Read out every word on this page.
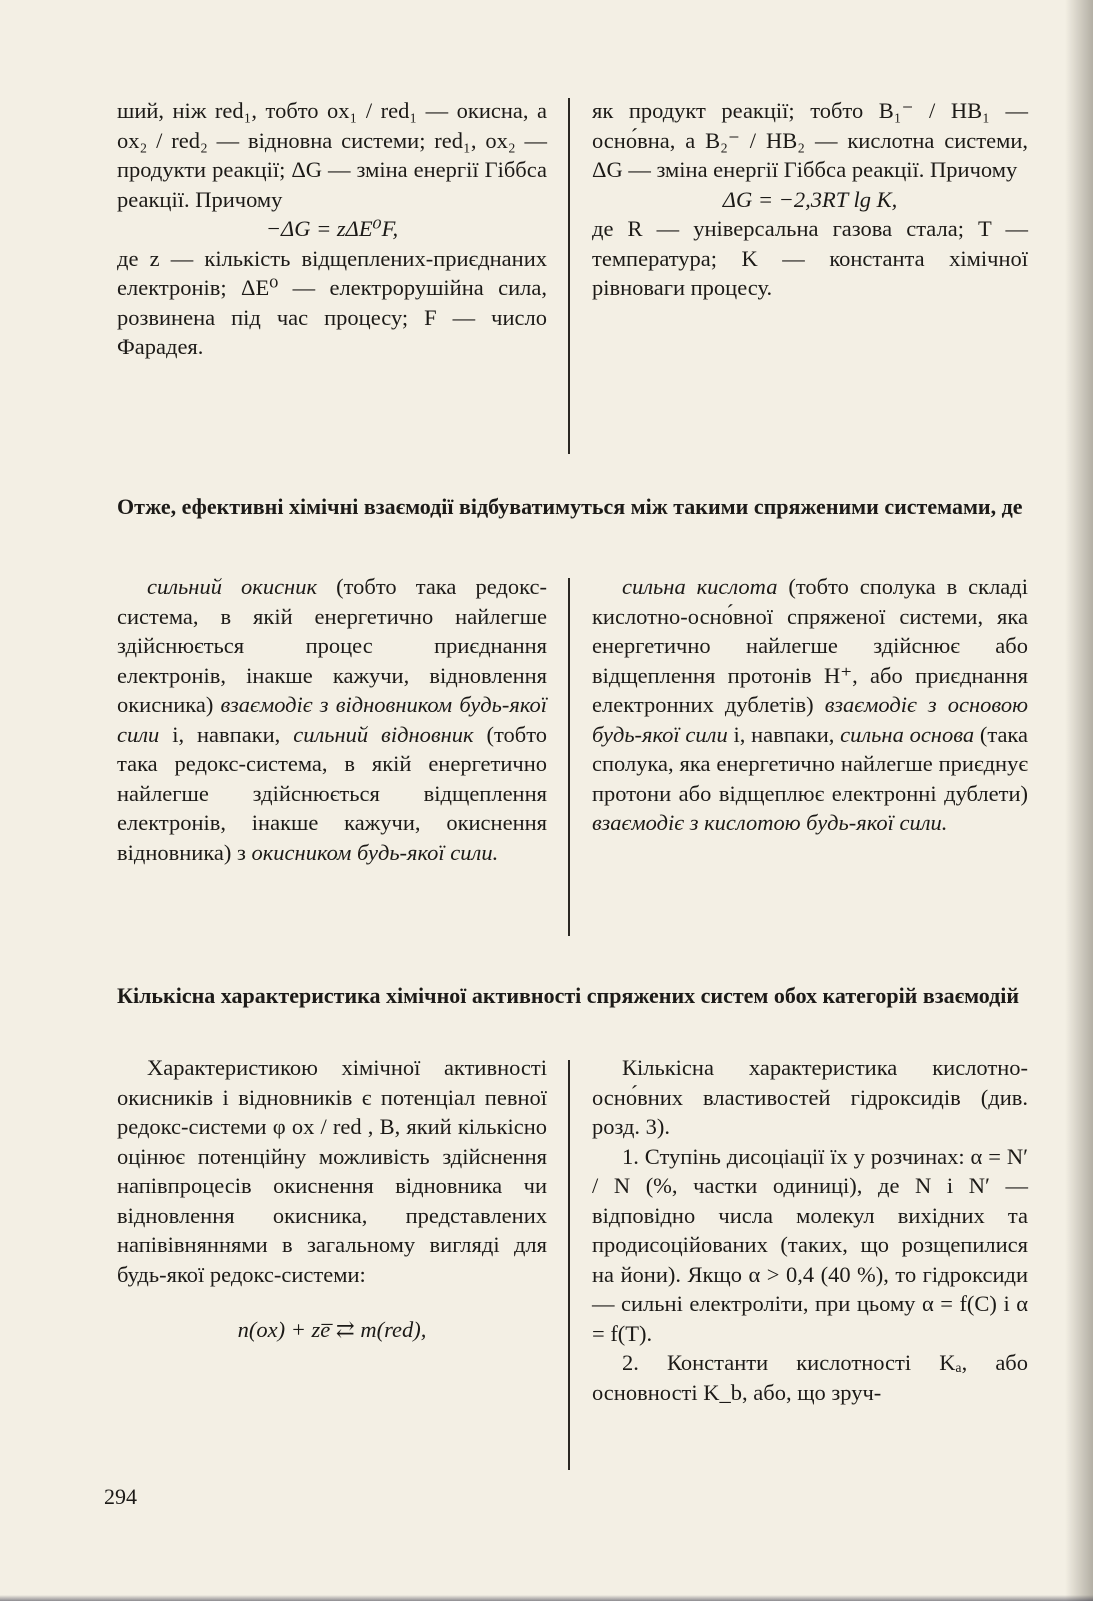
ший, ніж red₁, тобто ox₁ / red₁ — окисна, а ox₂ / red₂ — відновна системи; red₁, ox₂ — продукти реакції; ΔG — зміна енергії Гіббса реакції. Причому

−ΔG = zΔE⁰F,

де z — кількість відщеплених-приєднаних електронів; ΔE⁰ — електрорушійна сила, розвинена під час процесу; F — число Фарадея.

як продукт реакції; тобто B₁⁻ / HB₁ — осно́вна, а B₂⁻ / HB₂ — кислотна системи, ΔG — зміна енергії Гіббса реакції. Причому

ΔG = −2,3RT lg K,

де R — універсальна газова стала; T — температура; K — константа хімічної рівноваги процесу.

Отже, ефективні хімічні взаємодії відбуватимуться між такими спряженими системами, де

сильний окисник (тобто така редокс-система, в якій енергетично найлегше здійснюється процес приєднання електронів, інакше кажучи, відновлення окисника) взаємодіє з відновником будь-якої сили і, навпаки, сильний відновник (тобто така редокс-система, в якій енергетично найлегше здійснюється відщеплення електронів, інакше кажучи, окиснення відновника) з окисником будь-якої сили.

сильна кислота (тобто сполука в складі кислотно-осно́вної спряженої системи, яка енергетично найлегше здійснює або відщеплення протонів H⁺, або приєднання електронних дублетів) взаємодіє з основою будь-якої сили і, навпаки, сильна основа (така сполука, яка енергетично найлегше приєднує протони або відщеплює електронні дублети) взаємодіє з кислотою будь-якої сили.

Кількісна характеристика хімічної активності спряжених систем обох категорій взаємодій

Характеристикою хімічної активності окисників і відновників є потенціал певної редокс-системи φ ox / red , B, який кількісно оцінює потенційну можливість здійснення напівпроцесів окиснення відновника чи відновлення окисника, представлених напівівняннями в загальному вигляді для будь-якої редокс-системи:

n(ox) + ze̅ ⇄ m(red),

Кількісна характеристика кислотно-осно́вних властивостей гідроксидів (див. розд. 3).

1. Ступінь дисоціації їх у розчинах: α = N′ / N (%, частки одиниці), де N і N′ — відповідно числа молекул вихідних та продисоційованих (таких, що розщепилися на йони). Якщо α > 0,4 (40 %), то гідроксиди — сильні електроліти, при цьому α = f(C) і α = f(T).

2. Константи кислотності Kₐ, або основності K_b, або, що зруч-

294
